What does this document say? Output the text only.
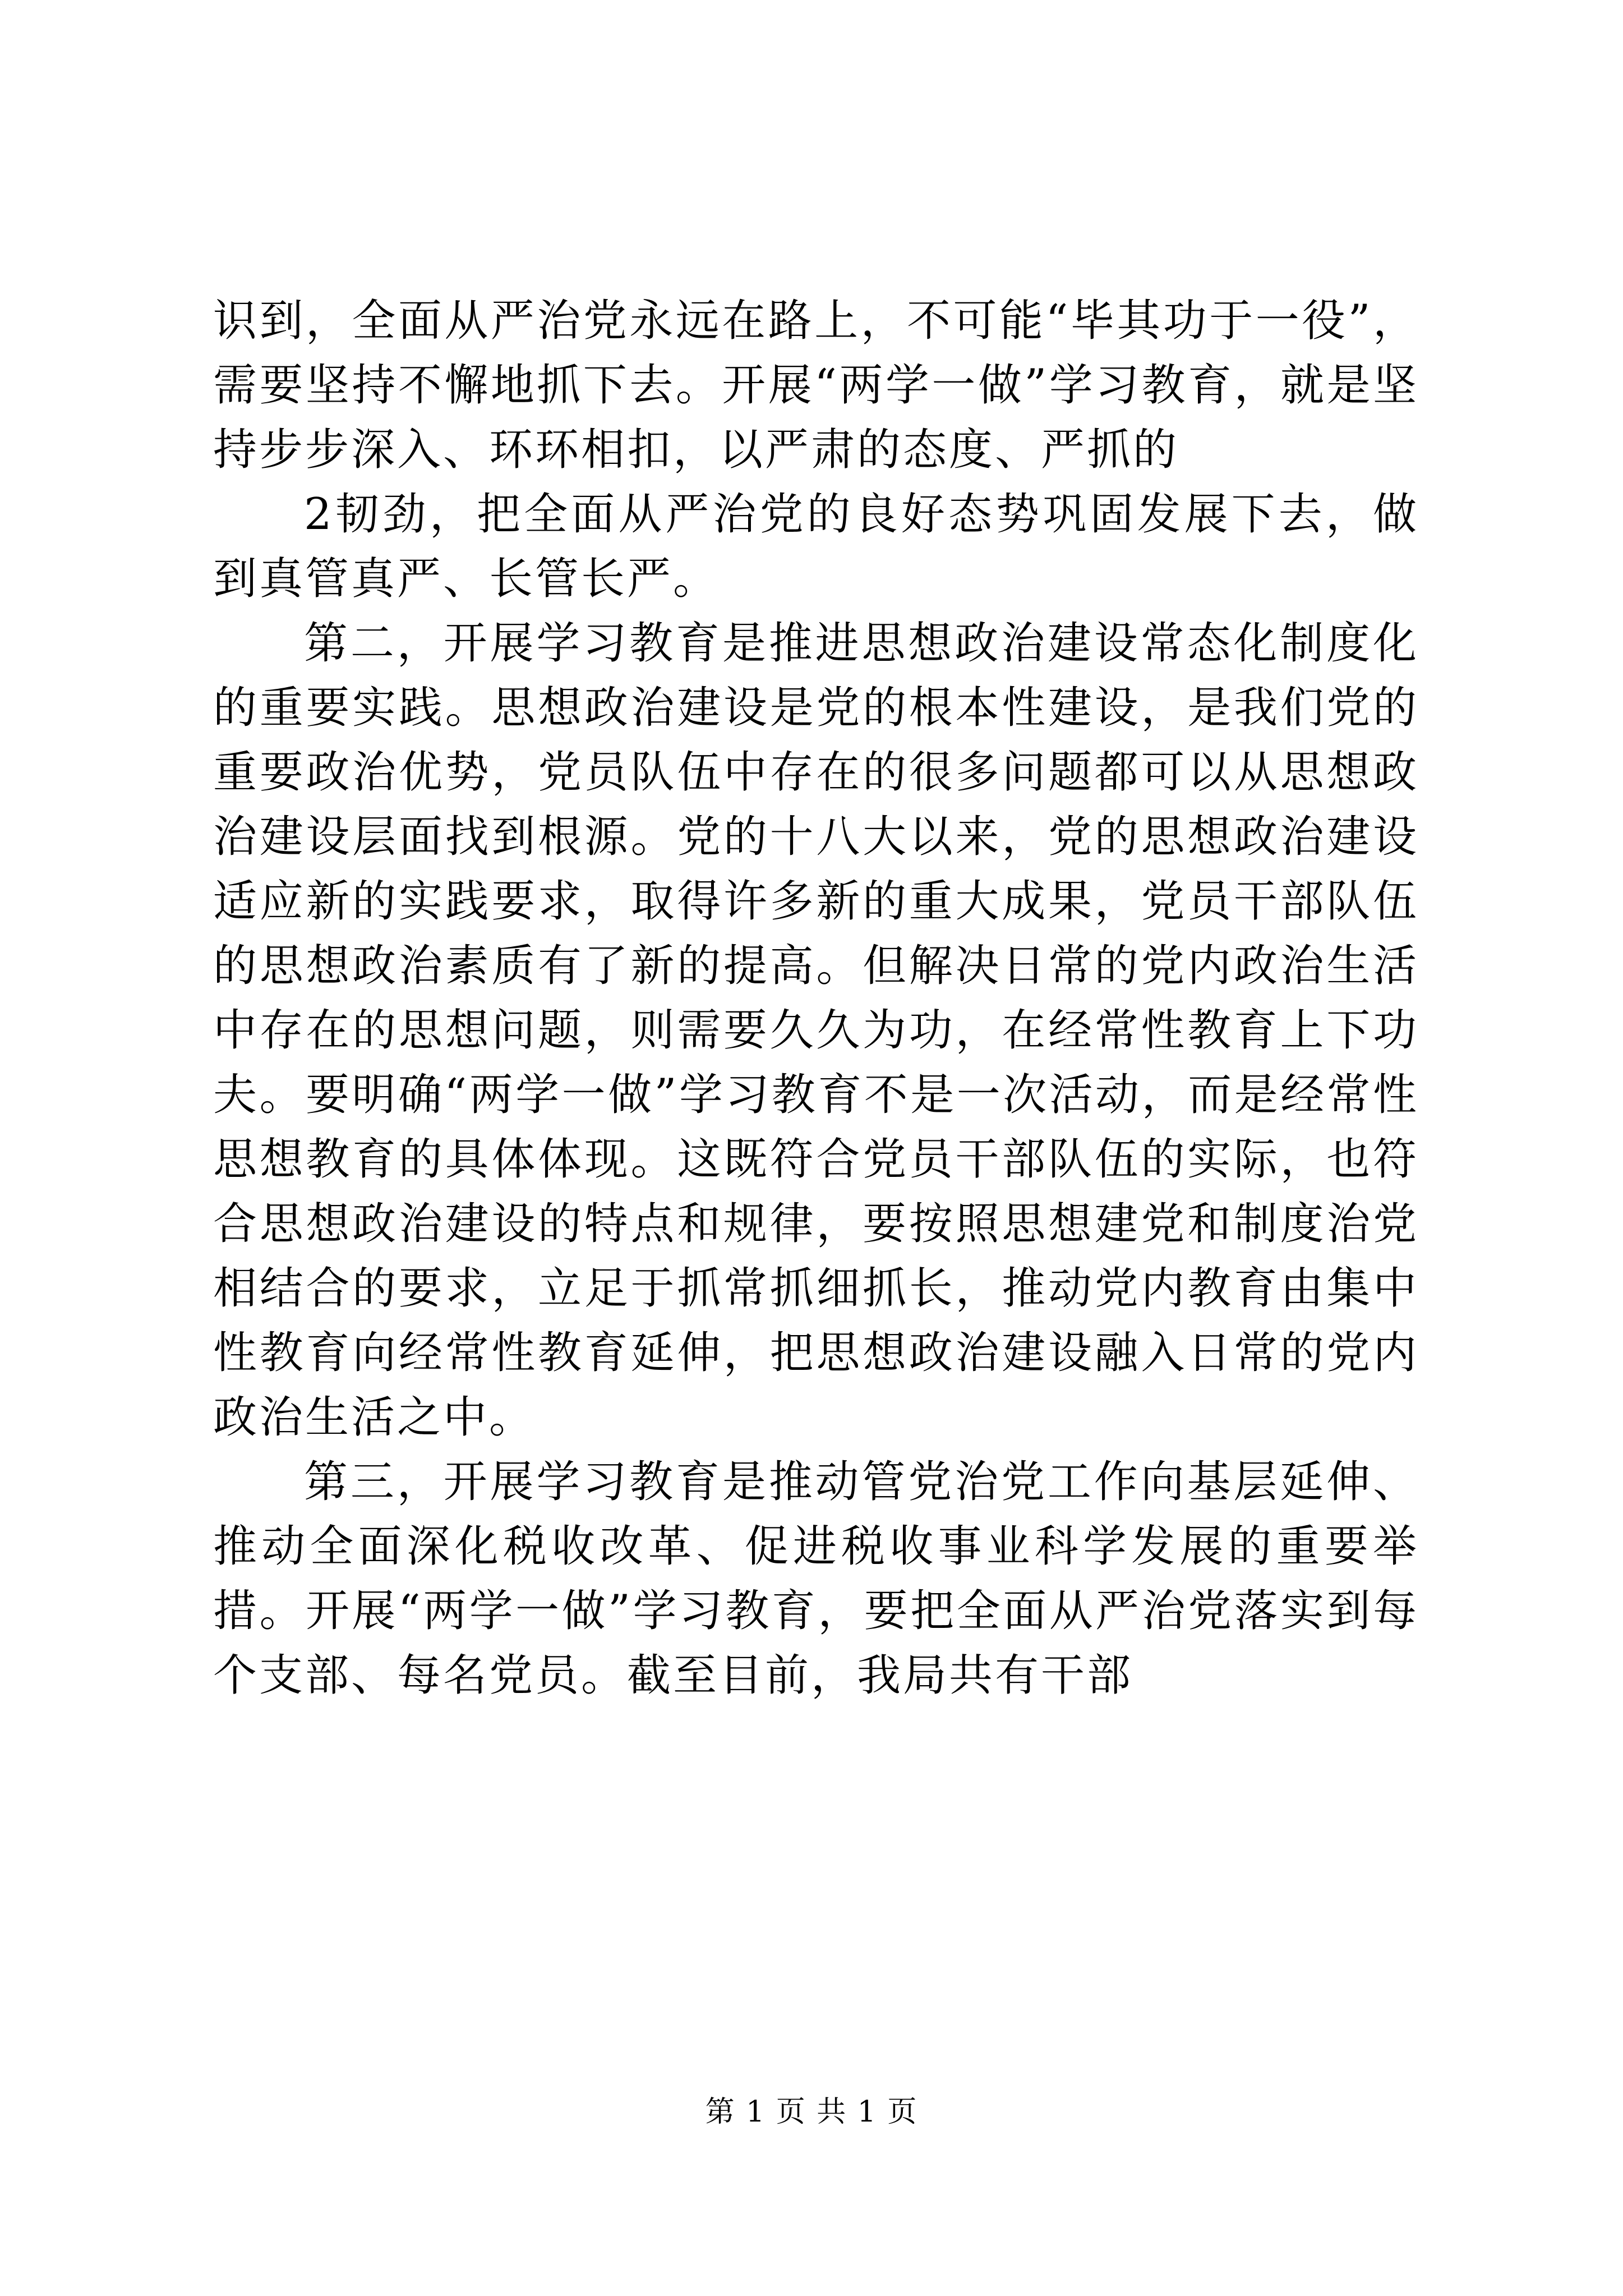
识到，全面从严治党永远在路上，不可能“毕其功于一役”，需要坚持不懈地抓下去。开展“两学一做”学习教育，就是坚持步步深入、环环相扣，以严肃的态度、严抓的

2韧劲，把全面从严治党的良好态势巩固发展下去，做到真管真严、长管长严。

第二，开展学习教育是推进思想政治建设常态化制度化的重要实践。思想政治建设是党的根本性建设，是我们党的重要政治优势，党员队伍中存在的很多问题都可以从思想政治建设层面找到根源。党的十八大以来，党的思想政治建设适应新的实践要求，取得许多新的重大成果，党员干部队伍的思想政治素质有了新的提高。但解决日常的党内政治生活中存在的思想问题，则需要久久为功，在经常性教育上下功夫。要明确“两学一做”学习教育不是一次活动，而是经常性思想教育的具体体现。这既符合党员干部队伍的实际，也符合思想政治建设的特点和规律，要按照思想建党和制度治党相结合的要求，立足于抓常抓细抓长，推动党内教育由集中性教育向经常性教育延伸，把思想政治建设融入日常的党内政治生活之中。

第三，开展学习教育是推动管党治党工作向基层延伸、推动全面深化税收改革、促进税收事业科学发展的重要举措。开展“两学一做”学习教育，要把全面从严治党落实到每个支部、每名党员。截至目前，我局共有干部

第 1 页 共 1 页
